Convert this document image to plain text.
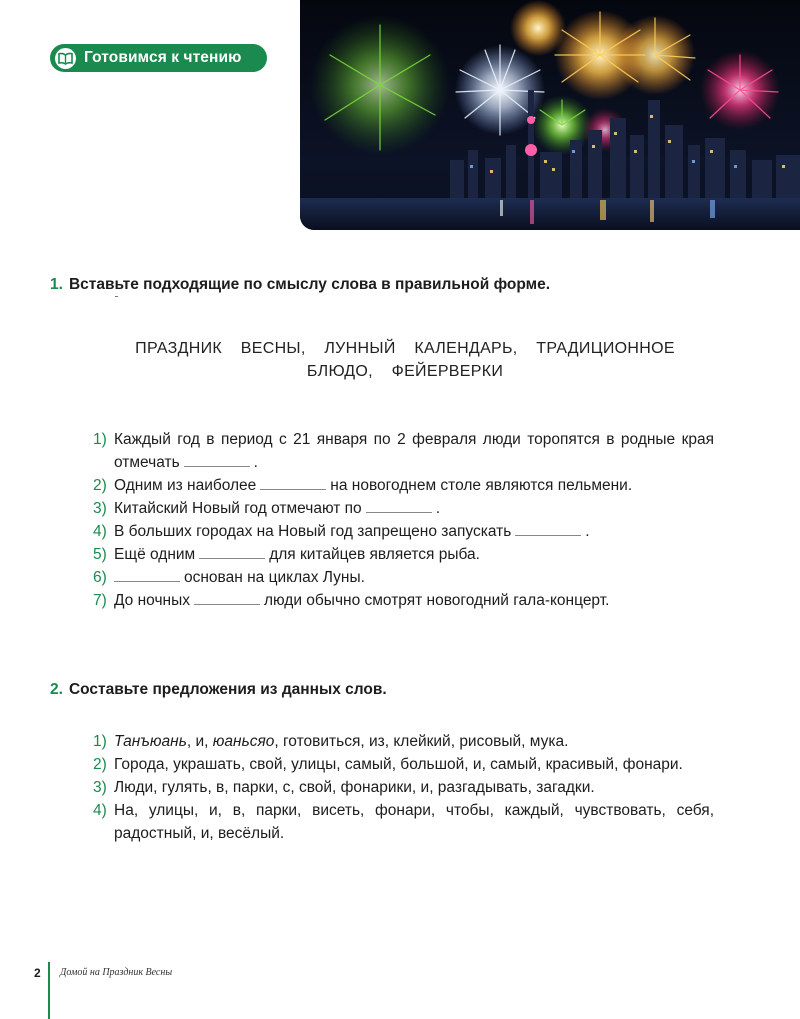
Готовимся к чтению
1. Вставьте подходящие по смыслу слова в правильной форме.
ПРАЗДНИК ВЕСНЫ, ЛУННЫЙ КАЛЕНДАРЬ, ТРАДИЦИОННОЕ БЛЮДО, ФЕЙЕРВЕРКИ
1) Каждый год в период с 21 января по 2 февраля люди торопятся в родные края отмечать	.
2) Одним из наиболее	на новогоднем столе являются пельмени.
3) Китайский Новый год отмечают по	.
4) В больших городах на Новый год запрещено запускать	.
5) Ещё одним	для китайцев является рыба.
6)	основан на циклах Луны.
7) До ночных	люди обычно смотрят новогодний гала-концерт.
2. Составьте предложения из данных слов.
1) Танъюань, и, юаньсяо, готовиться, из, клейкий, рисовый, мука.
2) Города, украшать, свой, улицы, самый, большой, и, самый, красивый, фонари.
3) Люди, гулять, в, парки, с, свой, фонарики, и, разгадывать, загадки.
4) На, улицы, и, в, парки, висеть, фонари, чтобы, каждый, чувствовать, себя, радостный, и, весёлый.
2 Домой на Праздник Весны
